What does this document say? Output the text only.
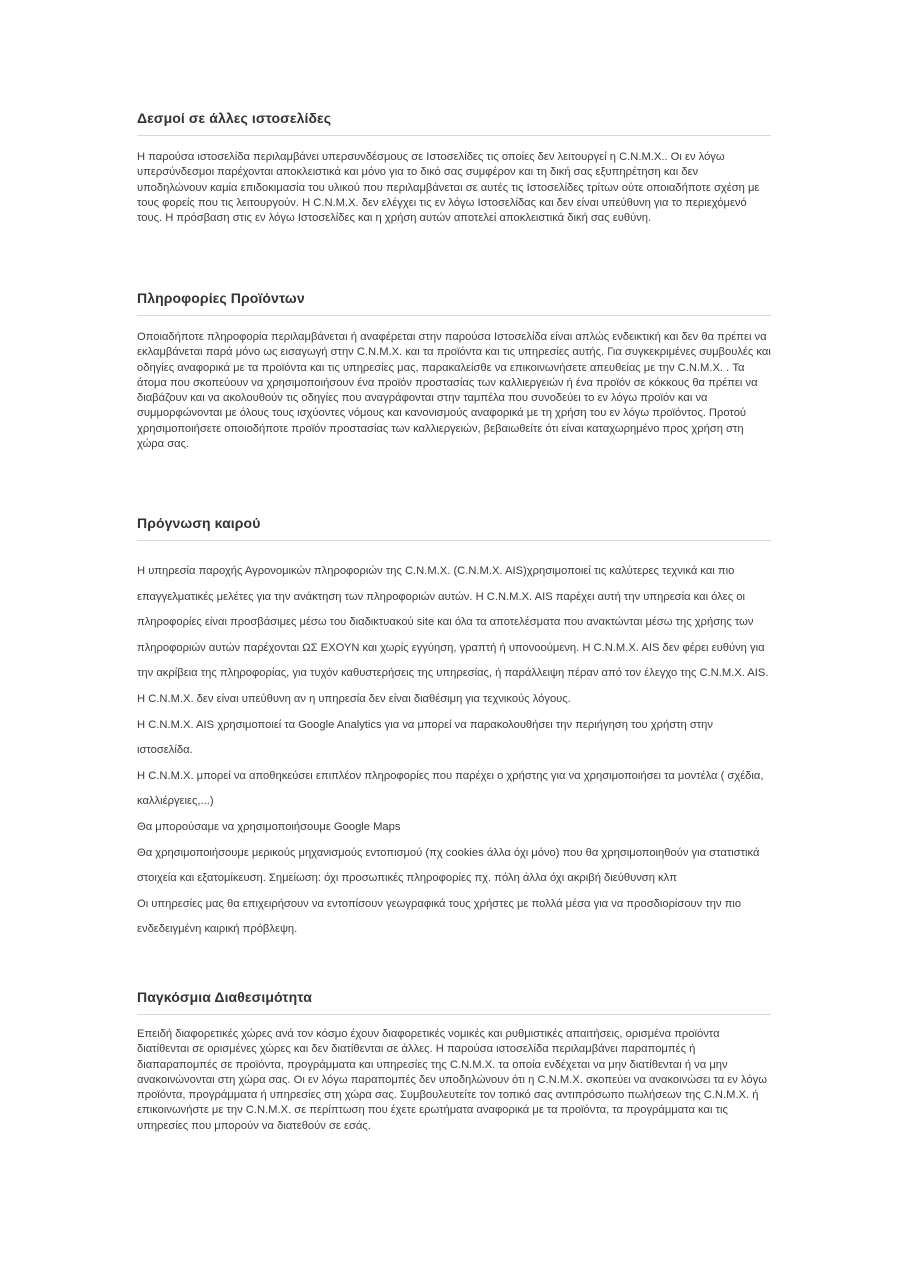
Δεσμοί σε άλλες ιστοσελίδες

Η παρούσα ιστοσελίδα περιλαμβάνει υπερσυνδέσμους σε Ιστοσελίδες τις οποίες δεν λειτουργεί η C.N.M.X.. Οι εν λόγω υπερσύνδεσμοι παρέχονται αποκλειστικά και μόνο για το δικό σας συμφέρον και τη δική σας εξυπηρέτηση και δεν υποδηλώνουν καμία επιδοκιμασία του υλικού που περιλαμβάνεται σε αυτές τις Ιστοσελίδες τρίτων ούτε οποιαδήποτε σχέση με τους φορείς που τις λειτουργούν. Η C.N.M.X. δεν ελέγχει τις εν λόγω Ιστοσελίδας και δεν είναι υπεύθυνη για το περιεχόμενό τους. Η πρόσβαση στις εν λόγω Ιστοσελίδες και η χρήση αυτών αποτελεί αποκλειστικά δική σας ευθύνη.

Πληροφορίες Προϊόντων

Οποιαδήποτε πληροφορία περιλαμβάνεται ή αναφέρεται στην παρούσα Ιστοσελίδα είναι απλώς ενδεικτική και δεν θα πρέπει να εκλαμβάνεται παρά μόνο ως εισαγωγή στην C.N.M.X. και τα προϊόντα και τις υπηρεσίες αυτής. Για συγκεκριμένες συμβουλές και οδηγίες αναφορικά με τα προϊόντα και τις υπηρεσίες μας, παρακαλείσθε να επικοινωνήσετε απευθείας με την C.N.M.X. . Τα άτομα που σκοπεύουν να χρησιμοποιήσουν ένα προϊόν προστασίας των καλλιεργειών ή ένα προϊόν σε κόκκους θα πρέπει να διαβάζουν και να ακολουθούν τις οδηγίες που αναγράφονται στην ταμπέλα που συνοδεύει το εν λόγω προϊόν και να συμμορφώνονται με όλους τους ισχύοντες νόμους και κανονισμούς αναφορικά με τη χρήση του εν λόγω προϊόντος. Προτού χρησιμοποιήσετε οποιοδήποτε προϊόν προστασίας των καλλιεργειών, βεβαιωθείτε ότι είναι καταχωρημένο προς χρήση στη χώρα σας.

Πρόγνωση καιρού

Η υπηρεσία παροχής Αγρονομικών πληροφοριών της C.N.M.X. (C.N.M.X. AIS)χρησιμοποιεί τις καλύτερες τεχνικά και πιο επαγγελματικές μελέτες για την ανάκτηση των πληροφοριών αυτών. Η C.N.M.X. AIS παρέχει αυτή την υπηρεσία και όλες οι πληροφορίες είναι προσβάσιμες μέσω του διαδικτυακού site και όλα τα αποτελέσματα που ανακτώνται μέσω της χρήσης των πληροφοριών αυτών παρέχονται ΩΣ ΕΧΟΥΝ και χωρίς εγγύηση, γραπτή ή υπονοούμενη. Η C.N.M.X. AIS δεν φέρει ευθύνη για την ακρίβεια της πληροφορίας, για τυχόν καθυστερήσεις της υπηρεσίας, ή παράλλειψη πέραν από τον έλεγχο της C.N.M.X. AIS.

Η C.N.M.X. δεν είναι υπεύθυνη αν η υπηρεσία δεν είναι διαθέσιμη για τεχνικούς λόγους.

Η C.N.M.X. AIS χρησιμοποιεί τα Google Analytics για να μπορεί να παρακολουθήσει την περιήγηση του χρήστη στην ιστοσελίδα.

Η C.N.M.X. μπορεί να αποθηκεύσει επιπλέον πληροφορίες που παρέχει ο χρήστης για να χρησιμοποιήσει τα μοντέλα ( σχέδια, καλλιέργειες,...)

Θα μπορούσαμε να χρησιμοποιήσουμε Google Maps

Θα χρησιμοποιήσουμε μερικούς μηχανισμούς εντοπισμού (πχ cookies άλλα όχι μόνο) που θα χρησιμοποιηθούν για στατιστικά στοιχεία και εξατομίκευση. Σημείωση: όχι προσωπικές πληροφορίες πχ. πόλη άλλα όχι ακριβή διεύθυνση κλπ

Οι υπηρεσίες μας θα επιχειρήσουν να εντοπίσουν γεωγραφικά τους χρήστες με πολλά μέσα για να προσδιορίσουν την πιο ενδεδειγμένη καιρική πρόβλεψη.

Παγκόσμια Διαθεσιμότητα

Επειδή διαφορετικές χώρες ανά τον κόσμο έχουν διαφορετικές νομικές και ρυθμιστικές απαιτήσεις, ορισμένα προϊόντα διατίθενται σε ορισμένες χώρες και δεν διατίθενται σε άλλες. Η παρούσα ιστοσελίδα περιλαμβάνει παραπομπές ή διαπαραπομπές σε προϊόντα, προγράμματα και υπηρεσίες της C.N.M.X. τα οποία ενδέχεται να μην διατίθενται ή να μην ανακοινώνονται στη χώρα σας. Οι εν λόγω παραπομπές δεν υποδηλώνουν ότι η C.N.M.X. σκοπεύει να ανακοινώσει τα εν λόγω προϊόντα, προγράμματα ή υπηρεσίες στη χώρα σας. Συμβουλευτείτε τον τοπικό σας αντιπρόσωπο πωλήσεων της C.N.M.X. ή επικοινωνήστε με την C.N.M.X. σε περίπτωση που έχετε ερωτήματα αναφορικά με τα προϊόντα, τα προγράμματα και τις υπηρεσίες που μπορούν να διατεθούν σε εσάς.
